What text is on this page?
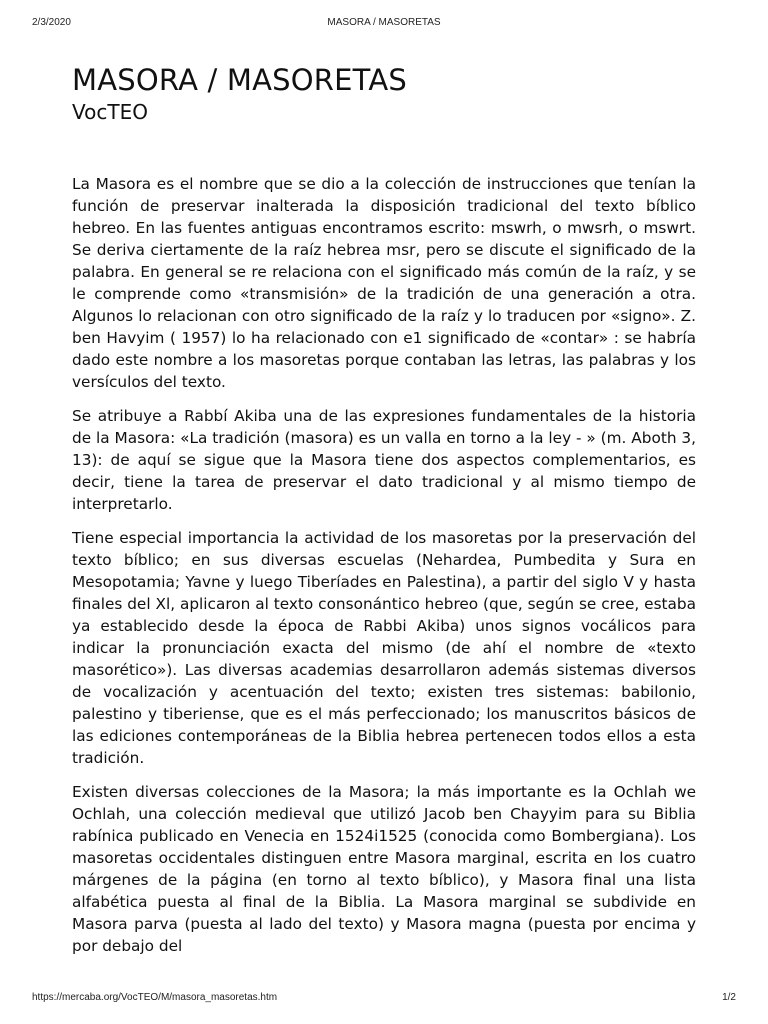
2/3/2020	MASORA / MASORETAS
MASORA / MASORETAS
VocTEO

La Masora es el nombre que se dio a la colección de instrucciones que tenían la función de preservar inalterada la disposición tradicional del texto bíblico hebreo. En las fuentes antiguas encontramos escrito: mswrh, o mwsrh, o mswrt. Se deriva ciertamente de la raíz hebrea msr, pero se discute el significado de la palabra. En general se re relaciona con el significado más común de la raíz, y se le comprende como «transmisión» de la tradición de una generación a otra. Algunos lo relacionan con otro significado de la raíz y lo traducen por «signo». Z. ben Havyim ( 1957) lo ha relacionado con e1 significado de «contar» : se habría dado este nombre a los masoretas porque contaban las letras, las palabras y los versículos del texto.

Se atribuye a Rabbí Akiba una de las expresiones fundamentales de la historia de la Masora: «La tradición (masora) es un valla en torno a la ley - » (m. Aboth 3, 13): de aquí se sigue que la Masora tiene dos aspectos complementarios, es decir, tiene la tarea de preservar el dato tradicional y al mismo tiempo de interpretarlo.

Tiene especial importancia la actividad de los masoretas por la preservación del texto bíblico; en sus diversas escuelas (Nehardea, Pumbedita y Sura en Mesopotamia; Yavne y luego Tiberíades en Palestina), a partir del siglo V y hasta finales del Xl, aplicaron al texto consonántico hebreo (que, según se cree, estaba ya establecido desde la época de Rabbi Akiba) unos signos vocálicos para indicar la pronunciación exacta del mismo (de ahí el nombre de «texto masorético»). Las diversas academias desarrollaron además sistemas diversos de vocalización y acentuación del texto; existen tres sistemas: babilonio, palestino y tiberiense, que es el más perfeccionado; los manuscritos básicos de las ediciones contemporáneas de la Biblia hebrea pertenecen todos ellos a esta tradición.

Existen diversas colecciones de la Masora; la más importante es la Ochlah we Ochlah, una colección medieval que utilizó Jacob ben Chayyim para su Biblia rabínica publicado en Venecia en 1524i1525 (conocida como Bombergiana). Los masoretas occidentales distinguen entre Masora marginal, escrita en los cuatro márgenes de la página (en torno al texto bíblico), y Masora final una lista alfabética puesta al final de la Biblia. La Masora marginal se subdivide en Masora parva (puesta al lado del texto) y Masora magna (puesta por encima y por debajo del

https://mercaba.org/VocTEO/M/masora_masoretas.htm	1/2
